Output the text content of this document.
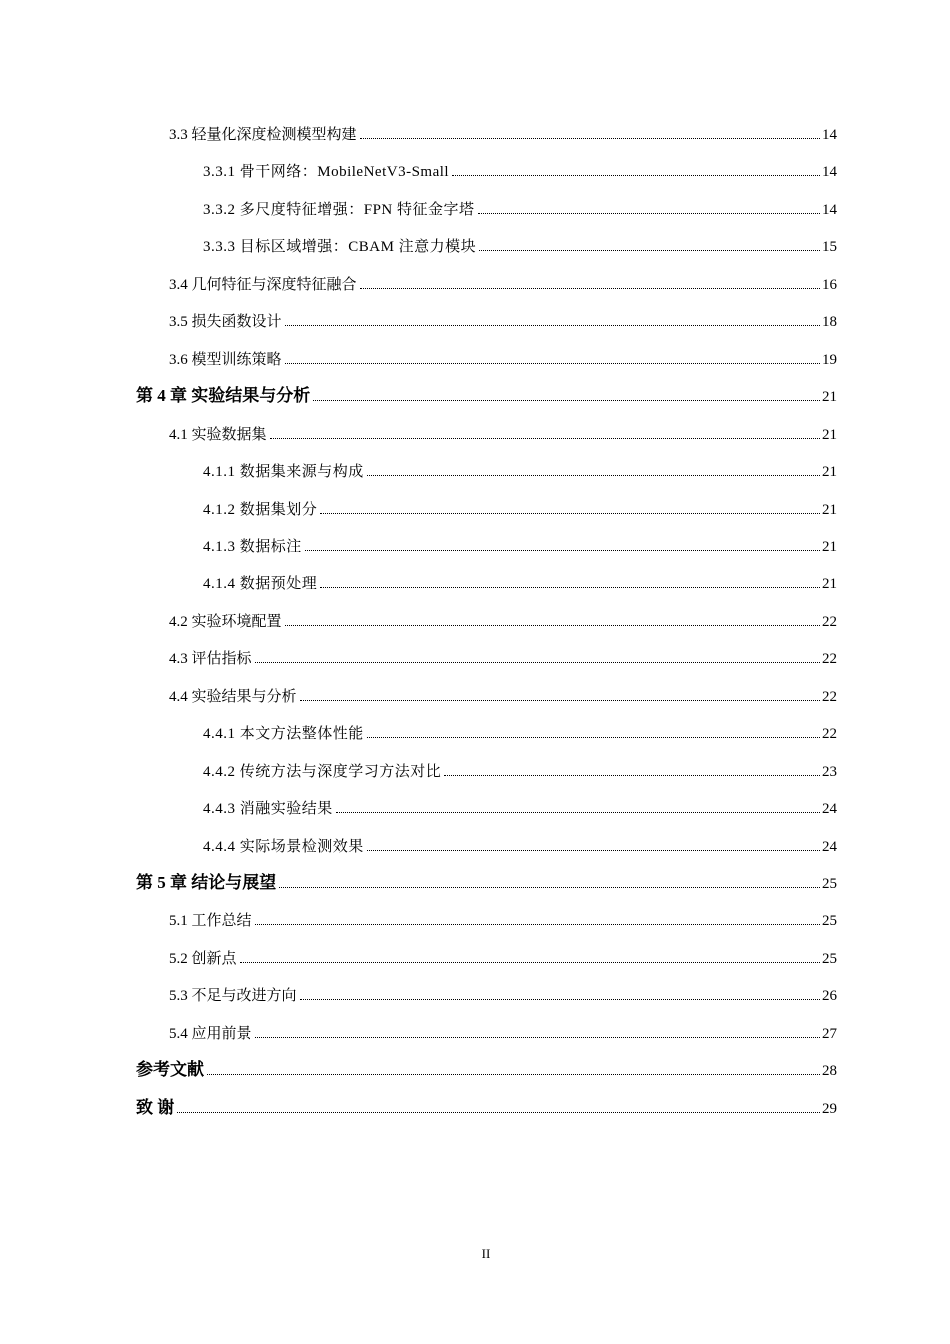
3.3 轻量化深度检测模型构建	14
3.3.1 骨干网络：MobileNetV3-Small	14
3.3.2 多尺度特征增强：FPN 特征金字塔	14
3.3.3 目标区域增强：CBAM 注意力模块	15
3.4 几何特征与深度特征融合	16
3.5 损失函数设计	18
3.6 模型训练策略	19
第 4 章 实验结果与分析	21
4.1 实验数据集	21
4.1.1 数据集来源与构成	21
4.1.2 数据集划分	21
4.1.3 数据标注	21
4.1.4 数据预处理	21
4.2 实验环境配置	22
4.3 评估指标	22
4.4 实验结果与分析	22
4.4.1 本文方法整体性能	22
4.4.2 传统方法与深度学习方法对比	23
4.4.3 消融实验结果	24
4.4.4 实际场景检测效果	24
第 5 章 结论与展望	25
5.1 工作总结	25
5.2 创新点	25
5.3 不足与改进方向	26
5.4 应用前景	27
参考文献	28
致 谢	29
II
